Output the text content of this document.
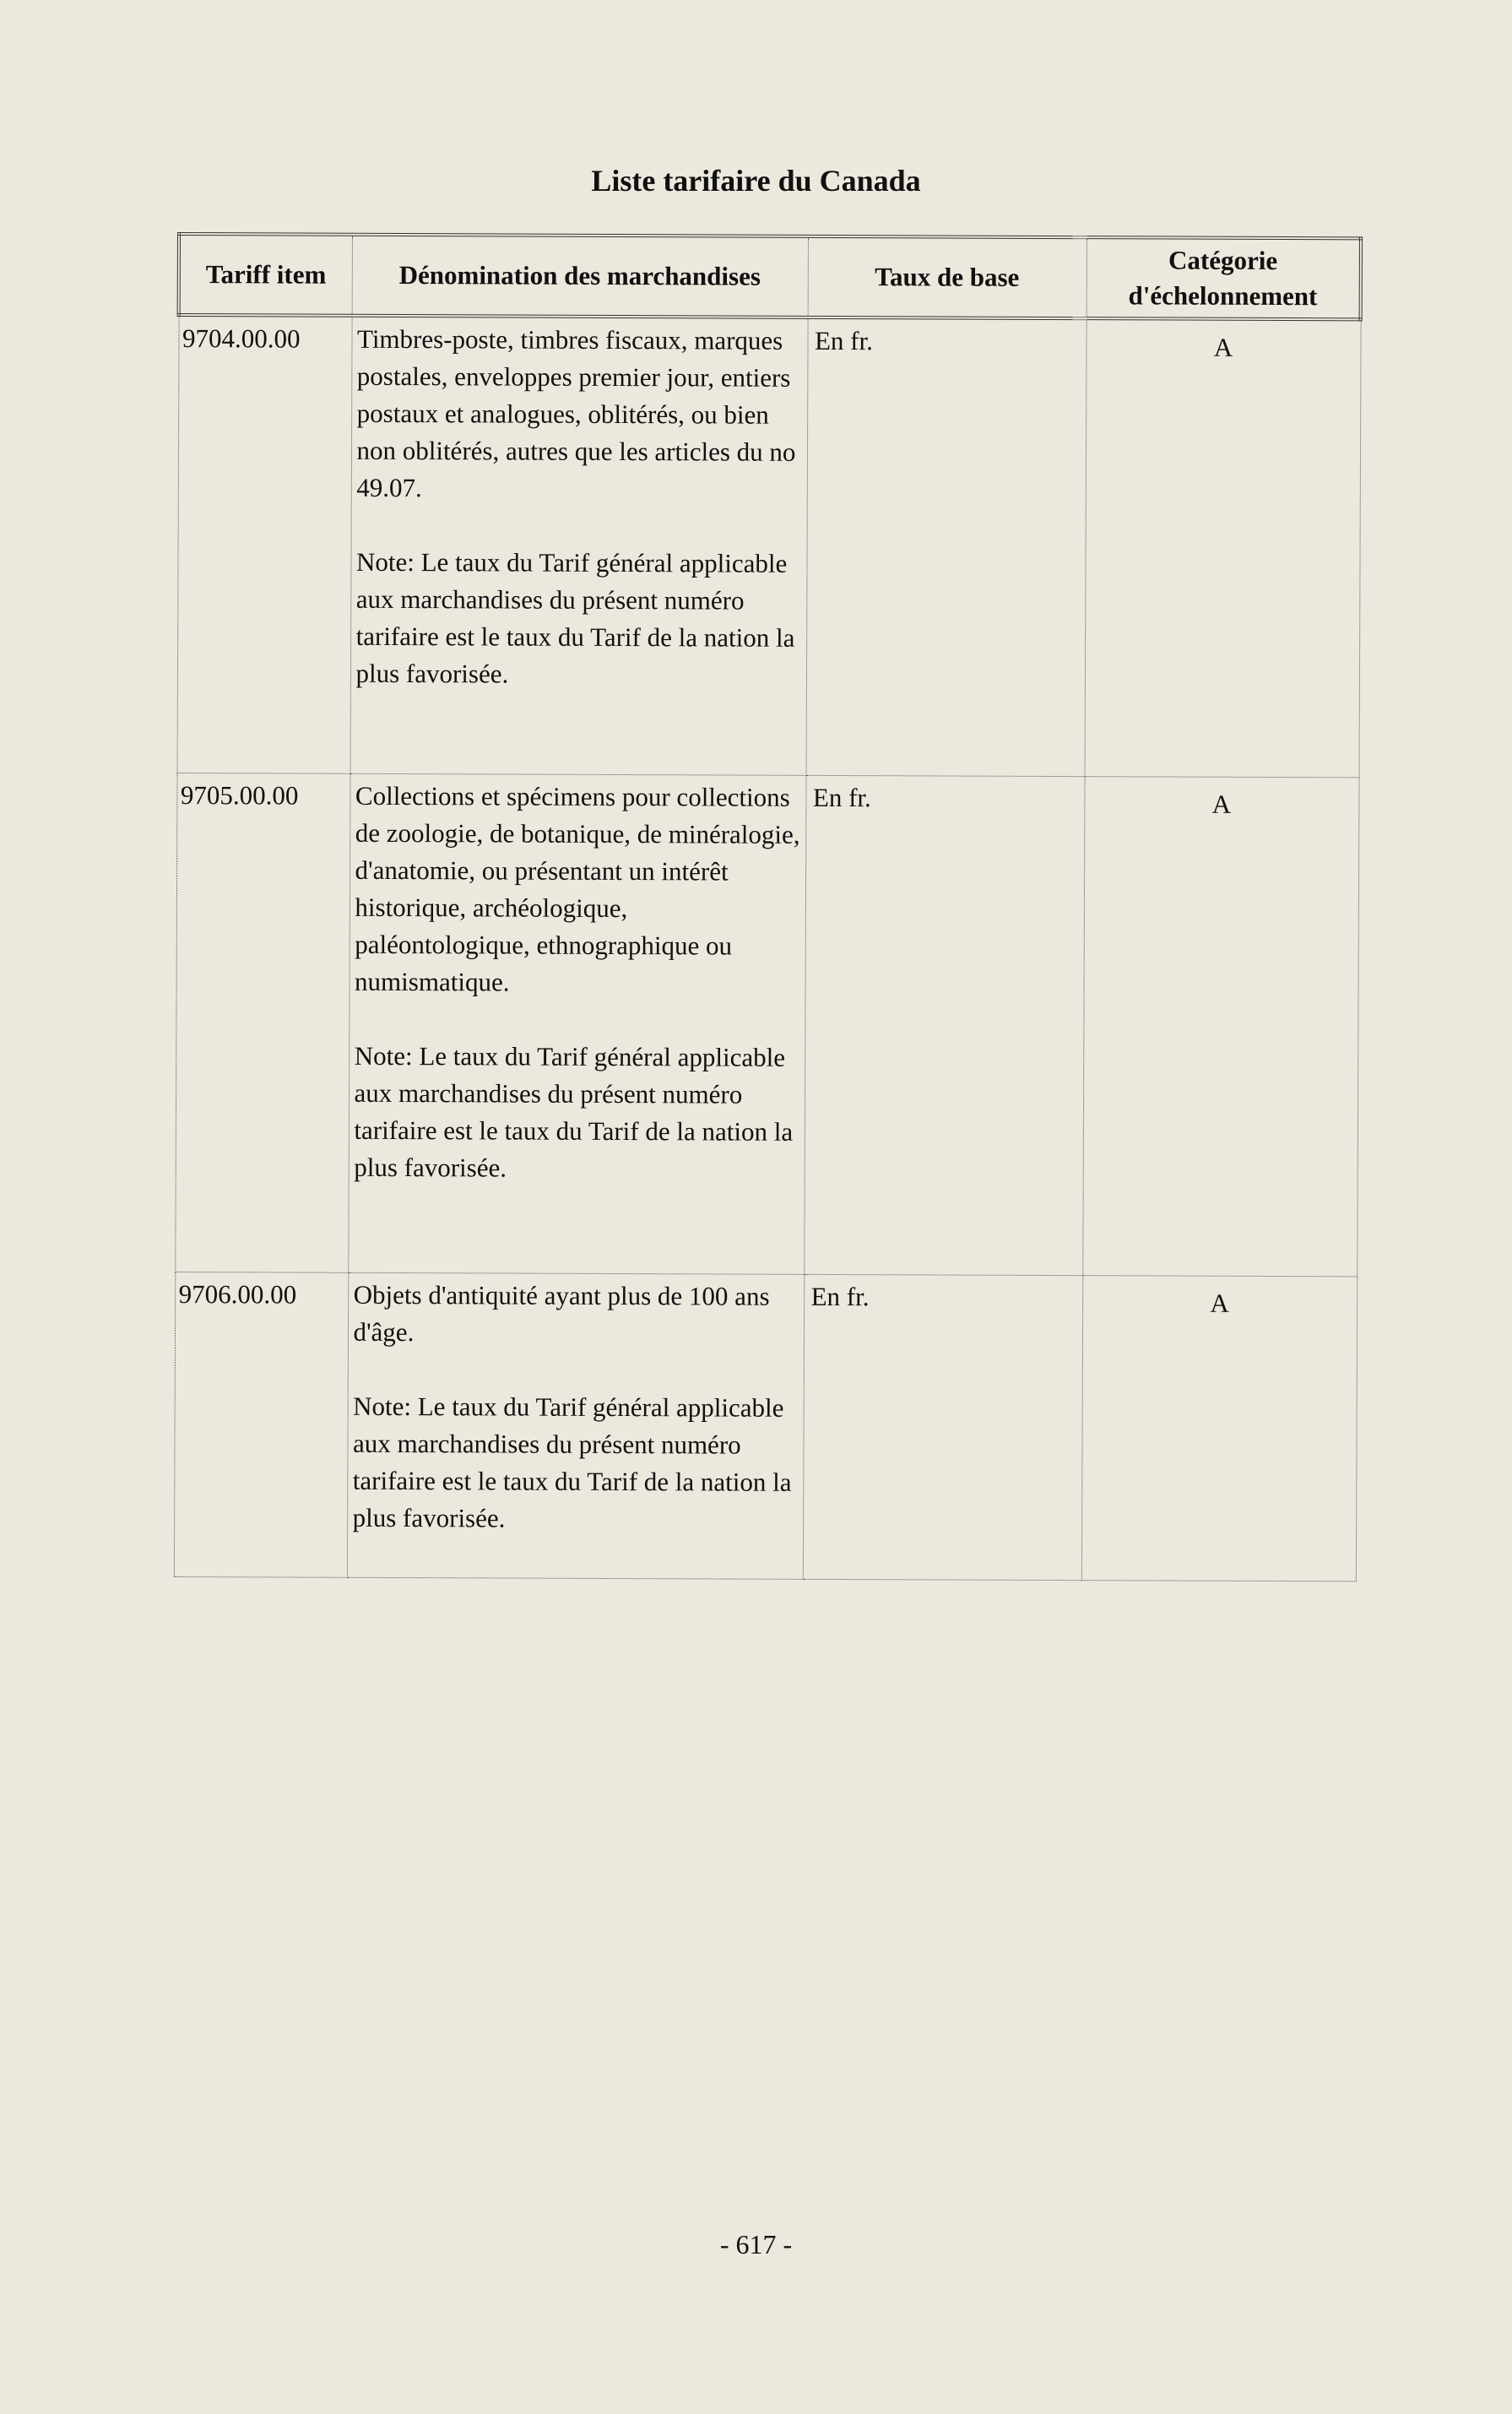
Liste tarifaire du Canada
Tariff item	Dénomination des marchandises	Taux de base	Catégorie d'échelonnement
9704.00.00	Timbres-poste, timbres fiscaux, marques postales, enveloppes premier jour, entiers postaux et analogues, oblitérés, ou bien non oblitérés, autres que les articles du no 49.07.

Note: Le taux du Tarif général applicable aux marchandises du présent numéro tarifaire est le taux du Tarif de la nation la plus favorisée.	En fr.	A
9705.00.00	Collections et spécimens pour collections de zoologie, de botanique, de minéralogie, d'anatomie, ou présentant un intérêt historique, archéologique, paléontologique, ethnographique ou numismatique.

Note: Le taux du Tarif général applicable aux marchandises du présent numéro tarifaire est le taux du Tarif de la nation la plus favorisée.	En fr.	A
9706.00.00	Objets d'antiquité ayant plus de 100 ans d'âge.

Note: Le taux du Tarif général applicable aux marchandises du présent numéro tarifaire est le taux du Tarif de la nation la plus favorisée.	En fr.	A
- 617 -
